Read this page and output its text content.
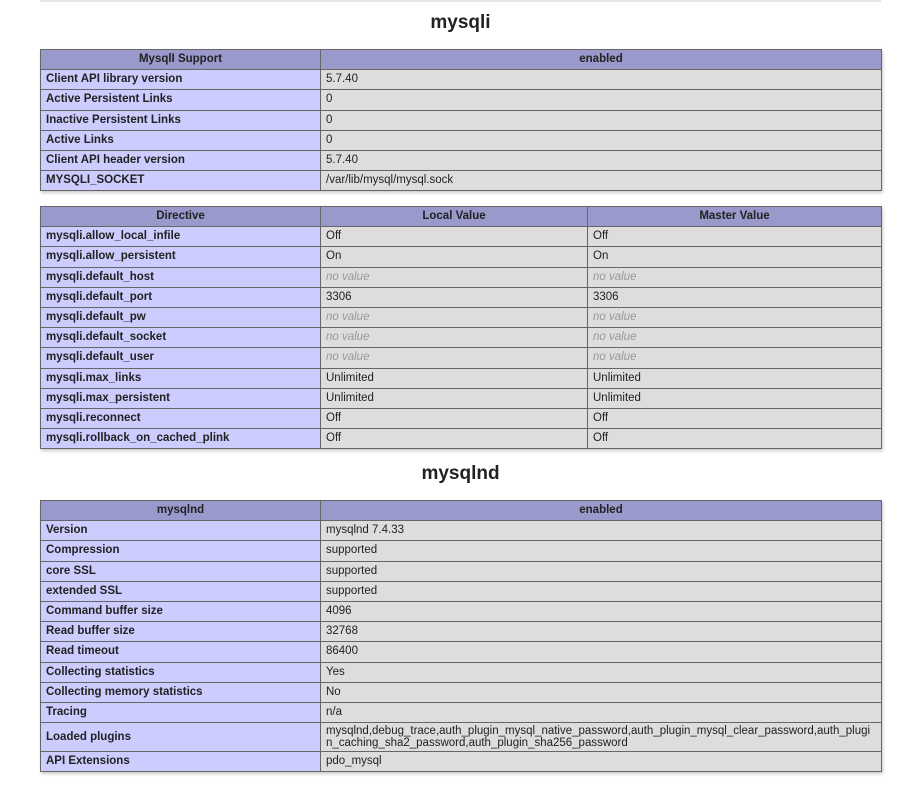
mysqli
MysqlI Support	enabled
Client API library version	5.7.40
Active Persistent Links	0
Inactive Persistent Links	0
Active Links	0
Client API header version	5.7.40
MYSQLI_SOCKET	/var/lib/mysql/mysql.sock
Directive	Local Value	Master Value
mysqli.allow_local_infile	Off	Off
mysqli.allow_persistent	On	On
mysqli.default_host	no value	no value
mysqli.default_port	3306	3306
mysqli.default_pw	no value	no value
mysqli.default_socket	no value	no value
mysqli.default_user	no value	no value
mysqli.max_links	Unlimited	Unlimited
mysqli.max_persistent	Unlimited	Unlimited
mysqli.reconnect	Off	Off
mysqli.rollback_on_cached_plink	Off	Off
mysqlnd
mysqlnd	enabled
Version	mysqlnd 7.4.33
Compression	supported
core SSL	supported
extended SSL	supported
Command buffer size	4096
Read buffer size	32768
Read timeout	86400
Collecting statistics	Yes
Collecting memory statistics	No
Tracing	n/a
Loaded plugins	mysqlnd,debug_trace,auth_plugin_mysql_native_password,auth_plugin_mysql_clear_password,auth_plugin_caching_sha2_password,auth_plugin_sha256_password
API Extensions	pdo_mysql
